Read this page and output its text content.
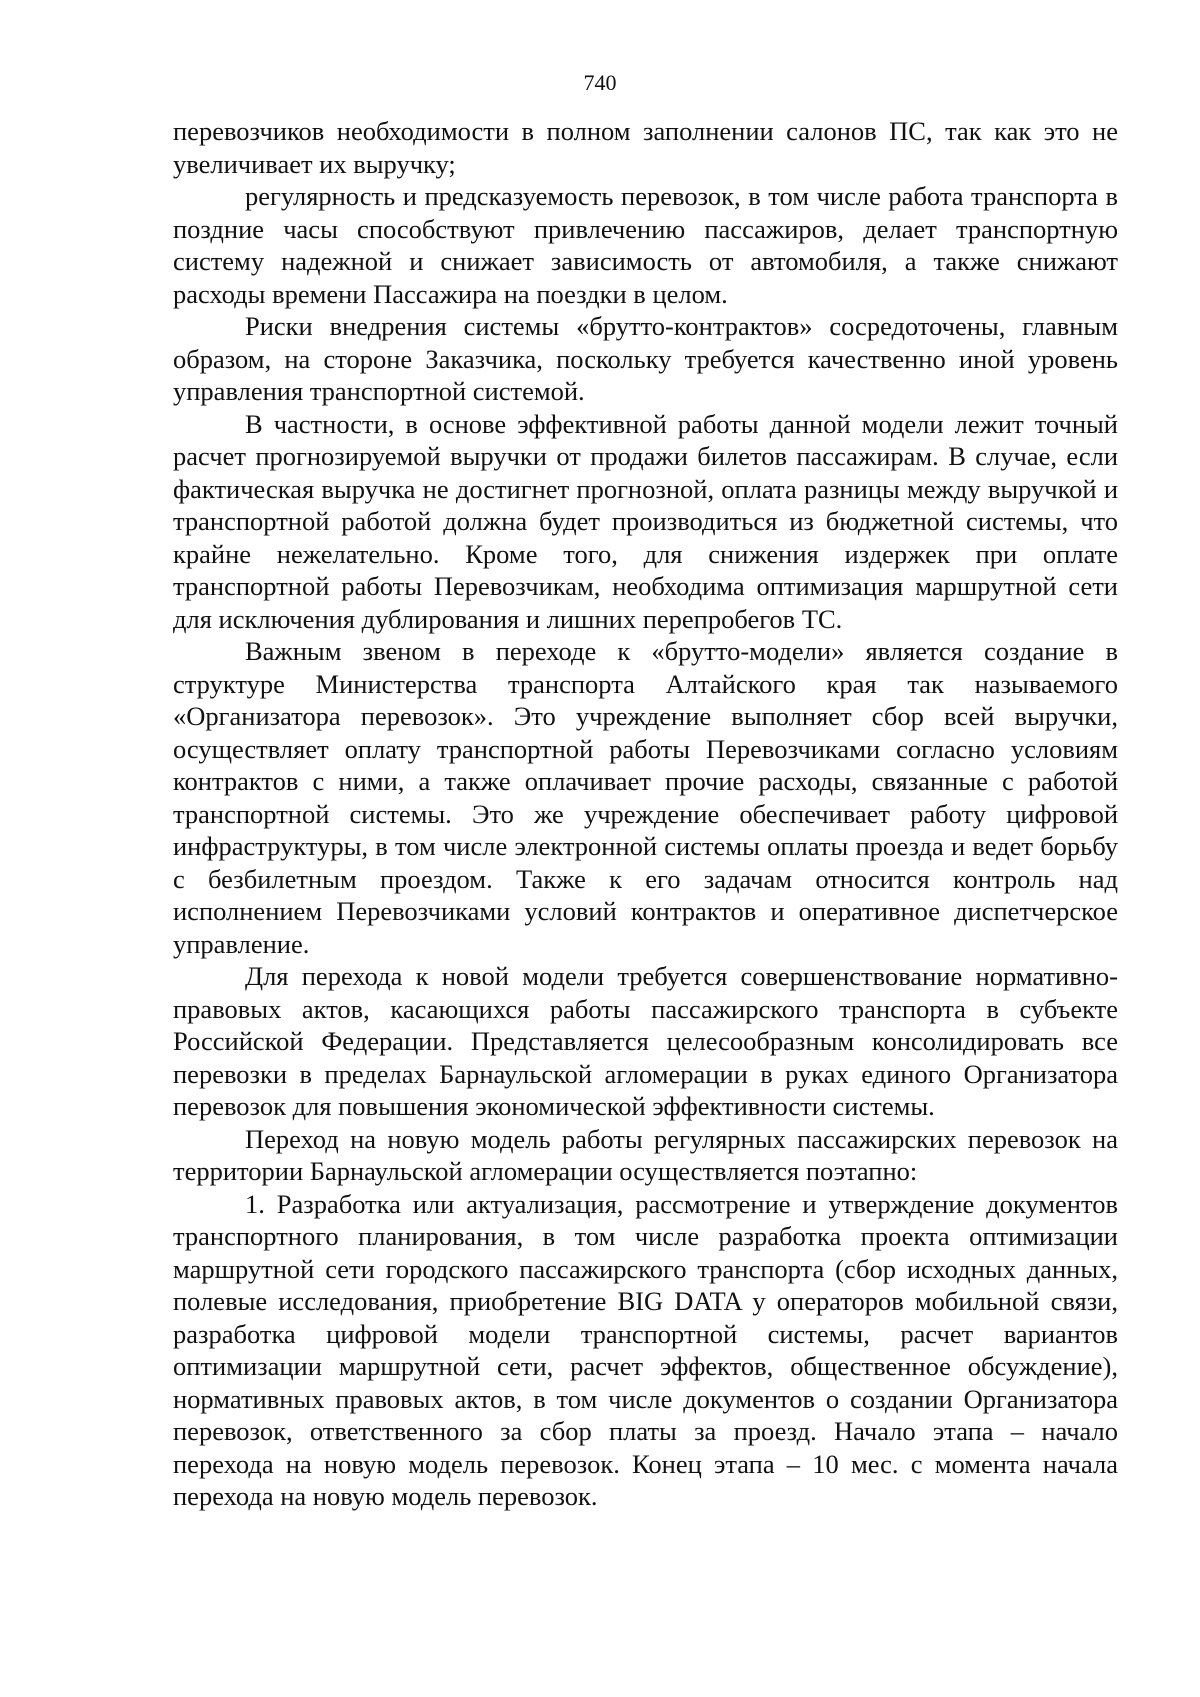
740

перевозчиков необходимости в полном заполнении салонов ПС, так как это не увеличивает их выручку;

регулярность и предсказуемость перевозок, в том числе работа транспорта в поздние часы способствуют привлечению пассажиров, делает транспортную систему надежной и снижает зависимость от автомобиля, а также снижают расходы времени Пассажира на поездки в целом.

Риски внедрения системы «брутто-контрактов» сосредоточены, главным образом, на стороне Заказчика, поскольку требуется качественно иной уровень управления транспортной системой.

В частности, в основе эффективной работы данной модели лежит точный расчет прогнозируемой выручки от продажи билетов пассажирам. В случае, если фактическая выручка не достигнет прогнозной, оплата разницы между выручкой и транспортной работой должна будет производиться из бюджетной системы, что крайне нежелательно. Кроме того, для снижения издержек при оплате транспортной работы Перевозчикам, необходима оптимизация маршрутной сети для исключения дублирования и лишних перепробегов ТС.

Важным звеном в переходе к «брутто-модели» является создание в структуре Министерства транспорта Алтайского края так называемого «Организатора перевозок». Это учреждение выполняет сбор всей выручки, осуществляет оплату транспортной работы Перевозчиками согласно условиям контрактов с ними, а также оплачивает прочие расходы, связанные с работой транспортной системы. Это же учреждение обеспечивает работу цифровой инфраструктуры, в том числе электронной системы оплаты проезда и ведет борьбу с безбилетным проездом. Также к его задачам относится контроль над исполнением Перевозчиками условий контрактов и оперативное диспетчерское управление.

Для перехода к новой модели требуется совершенствование нормативно-правовых актов, касающихся работы пассажирского транспорта в субъекте Российской Федерации. Представляется целесообразным консолидировать все перевозки в пределах Барнаульской агломерации в руках единого Организатора перевозок для повышения экономической эффективности системы.

Переход на новую модель работы регулярных пассажирских перевозок на территории Барнаульской агломерации осуществляется поэтапно:

1. Разработка или актуализация, рассмотрение и утверждение документов транспортного планирования, в том числе разработка проекта оптимизации маршрутной сети городского пассажирского транспорта (сбор исходных данных, полевые исследования, приобретение BIG DATA у операторов мобильной связи, разработка цифровой модели транспортной системы, расчет вариантов оптимизации маршрутной сети, расчет эффектов, общественное обсуждение), нормативных правовых актов, в том числе документов о создании Организатора перевозок, ответственного за сбор платы за проезд. Начало этапа – начало перехода на новую модель перевозок. Конец этапа – 10 мес. с момента начала перехода на новую модель перевозок.
